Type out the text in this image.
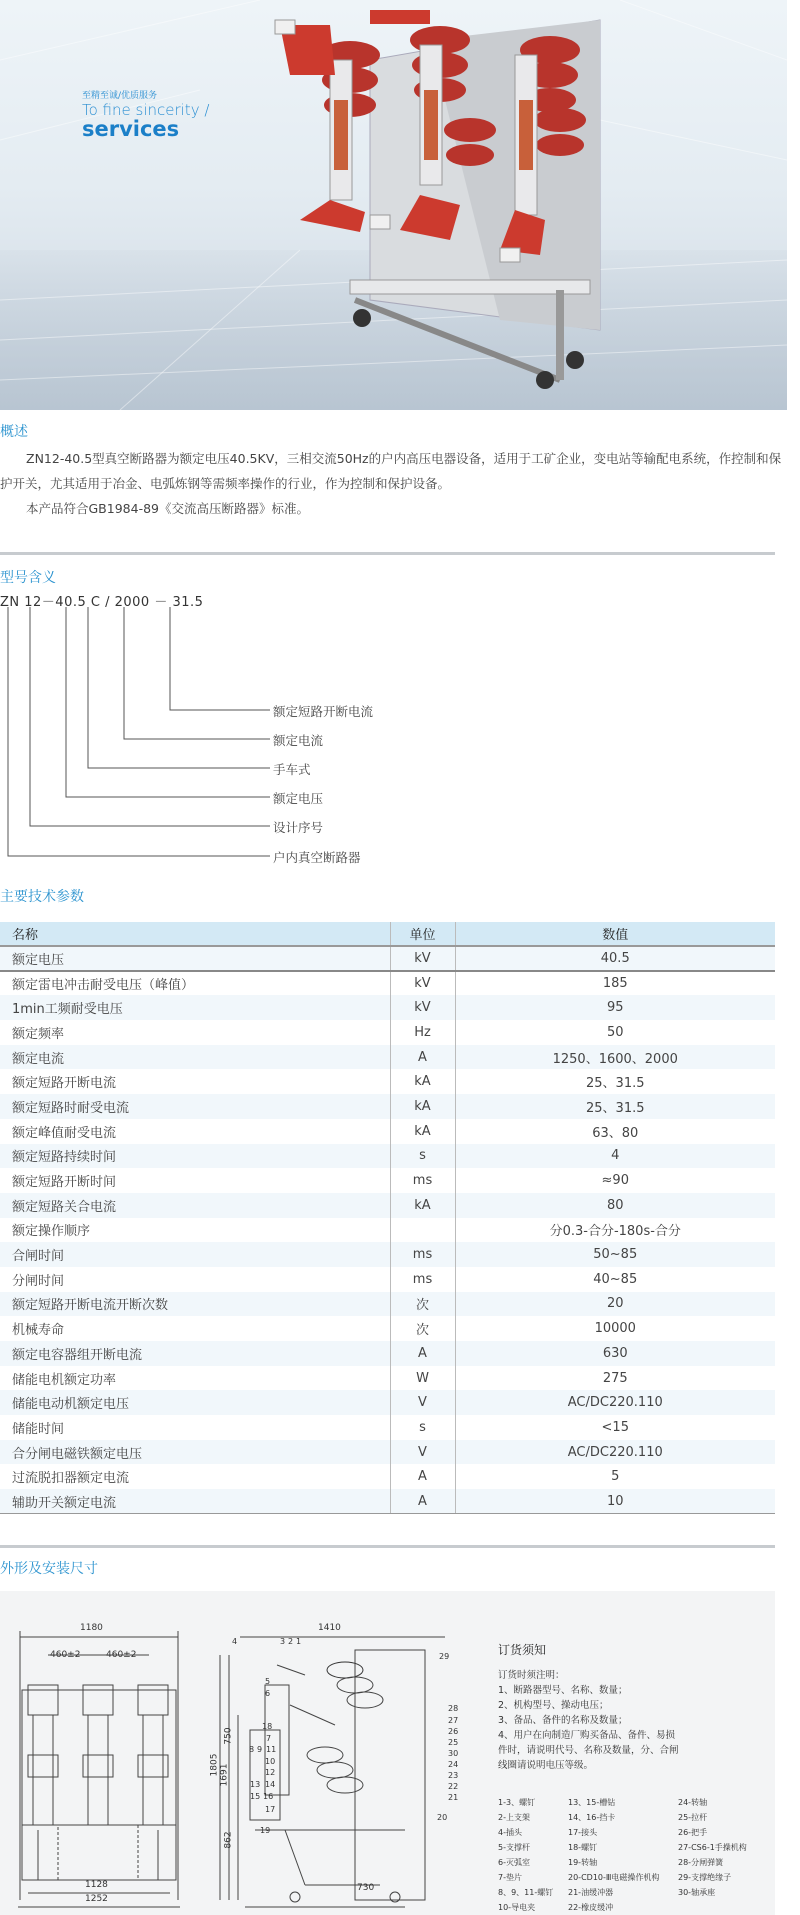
至精至诚/优质服务
To fine sincerity /
services
概述
ZN12-40.5型真空断路器为额定电压40.5KV，三相交流50Hz的户内高压电器设备，适用于工矿企业，变电站等输配电系统，作控制和保护开关，尤其适用于冶金、电弧炼钢等需频率操作的行业，作为控制和保护设备。
本产品符合GB1984-89《交流高压断路器》标准。
型号含义
ZN 12－40.5 C / 2000 － 31.5
额定短路开断电流
额定电流
手车式
额定电压
设计序号
户内真空断路器
主要技术参数
名称	单位	数值
额定电压	kV	40.5
额定雷电冲击耐受电压（峰值）	kV	185
1min工频耐受电压	kV	95
额定频率	Hz	50
额定电流	A	1250、1600、2000
额定短路开断电流	kA	25、31.5
额定短路时耐受电流	kA	25、31.5
额定峰值耐受电流	kA	63、80
额定短路持续时间	s	4
额定短路开断时间	ms	≈90
额定短路关合电流	kA	80
额定操作顺序		分0.3-合分-180s-合分
合闸时间	ms	50~85
分闸时间	ms	40~85
额定短路开断电流开断次数	次	20
机械寿命	次	10000
额定电容器组开断电流	A	630
储能电机额定功率	W	275
储能电动机额定电压	V	AC/DC220.110
储能时间	s	<15
合分闸电磁铁额定电压	V	AC/DC220.110
过流脱扣器额定电流	A	5
辅助开关额定电流	A	10
外形及安装尺寸
1180
460±2	460±2
1128
1252
1410
1805 1691
750
862
730
4	3 2 1
29
5
6
7
18
8 9 11
10
12
13 14
15 16
17
19
28
27
26
25
30
24
23
22
21
20
订货须知
订货时须注明：
1、断路器型号、名称、数量；
2、机构型号、操动电压；
3、备品、备件的名称及数量；
4、用户在向制造厂购买备品、备件、易损
件时，请说明代号、名称及数量，分、合闸
线圈请说明电压等级。
1-3、螺钉
2-上支架
4-插头
5-支撑杆
6-灭弧室
7-垫片
8、9、11-螺钉
10-导电夹
13、15-槽钻
14、16-挡卡
17-接头
18-螺钉
19-转轴
20-CD10-Ⅲ电磁操作机构
21-油缓冲器
22-橡皮缓冲
24-转轴
25-拉杆
26-把手
27-CS6-1手操机构
28-分闸弹簧
29-支撑绝缘子
30-轴承座
